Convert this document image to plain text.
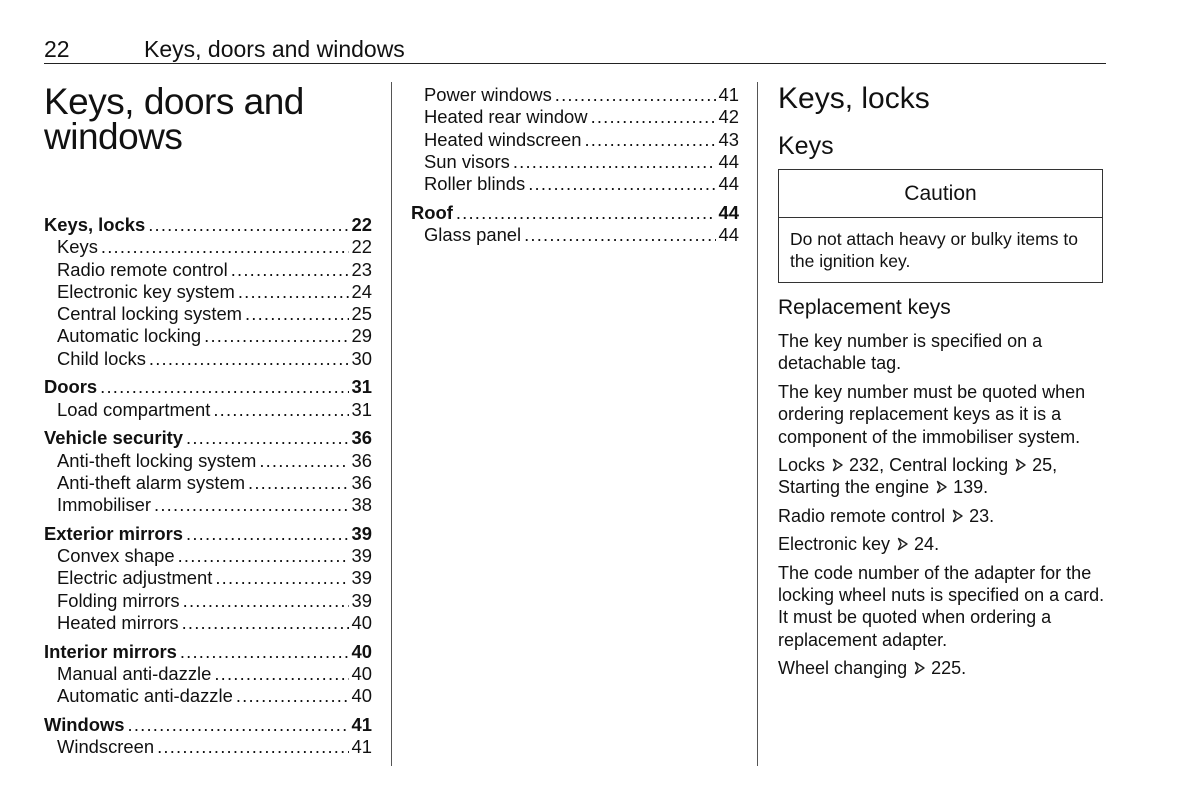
22	Keys, doors and windows
Keys, doors and windows
Keys, locks .....	22
Keys .....	22
Radio remote control .....	23
Electronic key system .....	24
Central locking system .....	25
Automatic locking .....	29
Child locks .....	30
Doors .....	31
Load compartment .....	31
Vehicle security .....	36
Anti-theft locking system .....	36
Anti-theft alarm system .....	36
Immobiliser .....	38
Exterior mirrors .....	39
Convex shape .....	39
Electric adjustment .....	39
Folding mirrors .....	39
Heated mirrors .....	40
Interior mirrors .....	40
Manual anti-dazzle .....	40
Automatic anti-dazzle .....	40
Windows .....	41
Windscreen .....	41
Power windows .....	41
Heated rear window .....	42
Heated windscreen .....	43
Sun visors .....	44
Roller blinds .....	44
Roof .....	44
Glass panel .....	44
Keys, locks
Keys
Caution
Do not attach heavy or bulky items to the ignition key.
Replacement keys

The key number is specified on a detachable tag.

The key number must be quoted when ordering replacement keys as it is a component of the immobiliser system.

Locks
232, Central locking
25, Starting the engine
139.

Radio remote control
23.

Electronic key
24.

The code number of the adapter for the locking wheel nuts is specified on a card. It must be quoted when ordering a replacement adapter.

Wheel changing
225.
